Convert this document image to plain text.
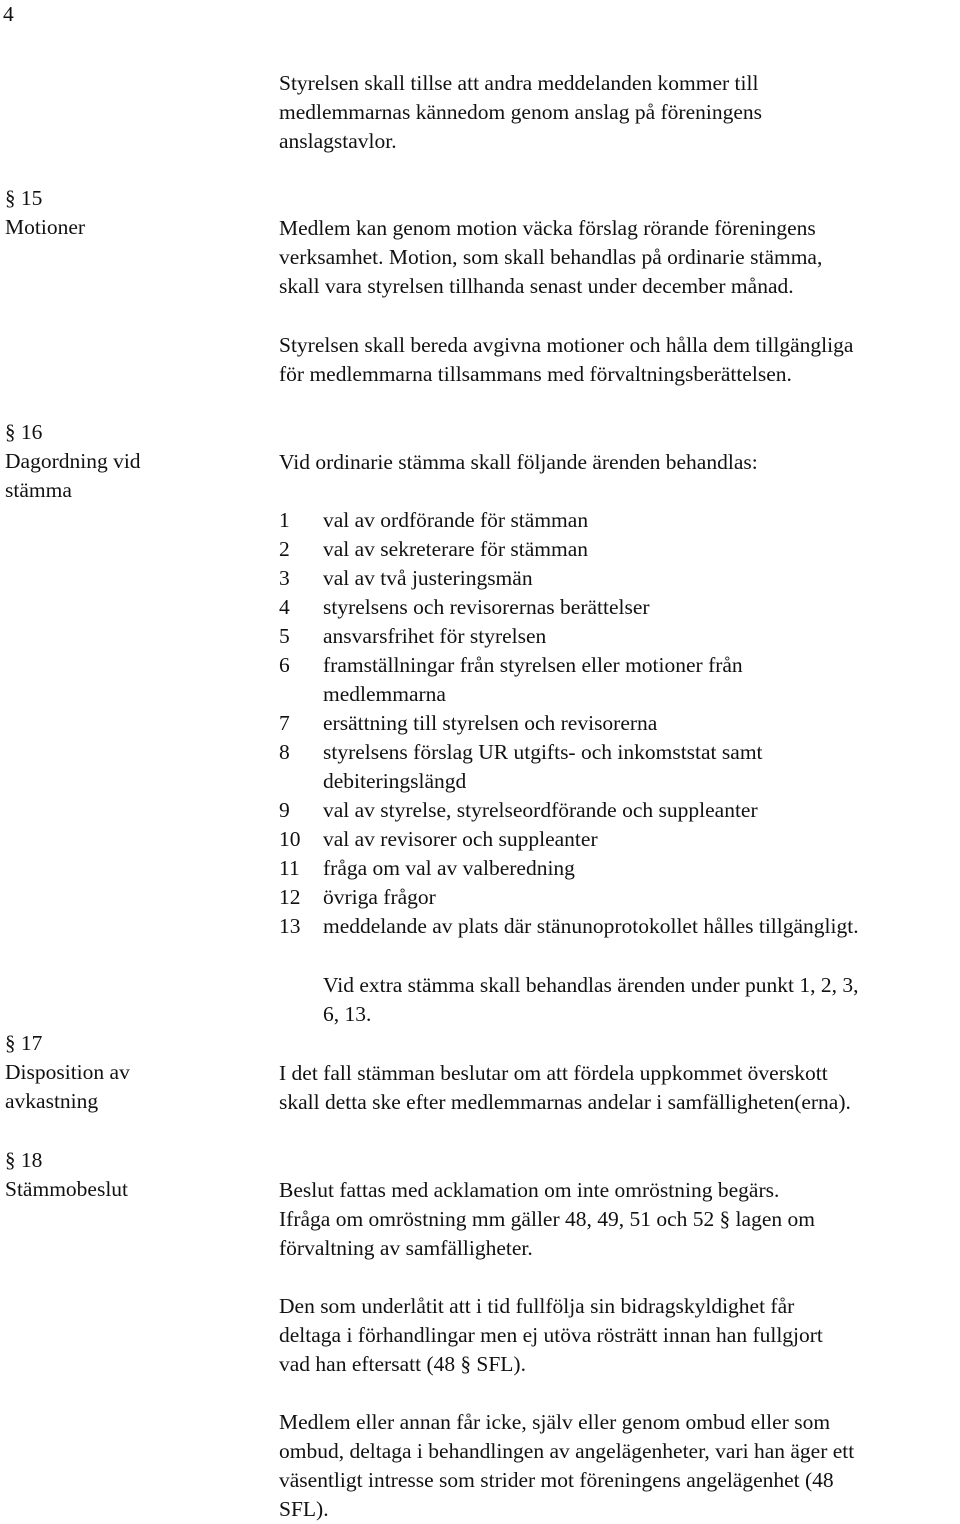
4
§ 15
Motioner
§ 16
Dagordning vid
stämma
§ 17
Disposition av
avkastning
§ 18
Stämmobeslut
Styrelsen skall tillse att andra meddelanden kommer till
medlemmarnas kännedom genom anslag på föreningens
anslagstavlor.
Medlem kan genom motion väcka förslag rörande föreningens
verksamhet. Motion, som skall behandlas på ordinarie stämma,
skall vara styrelsen tillhanda senast under december månad.
Styrelsen skall bereda avgivna motioner och hålla dem tillgängliga
för medlemmarna tillsammans med förvaltningsberättelsen.
Vid ordinarie stämma skall följande ärenden behandlas:
1 val av ordförande för stämman
2 val av sekreterare för stämman
3 val av två justeringsmän
4 styrelsens och revisorernas berättelser
5 ansvarsfrihet för styrelsen
6 framställningar från styrelsen eller motioner från
medlemmarna
7 ersättning till styrelsen och revisorerna
8 styrelsens förslag UR utgifts- och inkomststat samt
debiteringslängd
9 val av styrelse, styrelseordförande och suppleanter
10 val av revisorer och suppleanter
11 fråga om val av valberedning
12 övriga frågor
13 meddelande av plats där stänunoprotokollet hålles tillgängligt.
Vid extra stämma skall behandlas ärenden under punkt 1, 2, 3,
6, 13.
I det fall stämman beslutar om att fördela uppkommet överskott
skall detta ske efter medlemmarnas andelar i samfälligheten(erna).
Beslut fattas med acklamation om inte omröstning begärs.
Ifråga om omröstning mm gäller 48, 49, 51 och 52 § lagen om
förvaltning av samfälligheter.
Den som underlåtit att i tid fullfölja sin bidragskyldighet får
deltaga i förhandlingar men ej utöva rösträtt innan han fullgjort
vad han eftersatt (48 § SFL).
Medlem eller annan får icke, själv eller genom ombud eller som
ombud, deltaga i behandlingen av angelägenheter, vari han äger ett
väsentligt intresse som strider mot föreningens angelägenhet (48
SFL).
